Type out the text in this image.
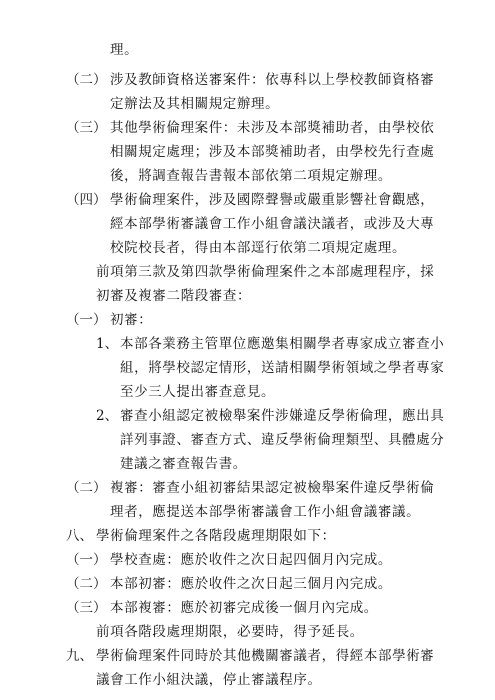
理。
（二） 涉及教師資格送審案件：依專科以上學校教師資格審
定辦法及其相關規定辦理。
（三） 其他學術倫理案件：未涉及本部獎補助者，由學校依
相關規定處理；涉及本部獎補助者，由學校先行查處
後，將調查報告書報本部依第二項規定辦理。
（四） 學術倫理案件，涉及國際聲譽或嚴重影響社會觀感，
經本部學術審議會工作小組會議決議者，或涉及大專
校院校長者，得由本部逕行依第二項規定處理。
前項第三款及第四款學術倫理案件之本部處理程序，採
初審及複審二階段審查：
（一） 初審：
1、 本部各業務主管單位應邀集相關學者專家成立審查小
組，將學校認定情形，送請相關學術領域之學者專家
至少三人提出審查意見。
2、 審查小組認定被檢舉案件涉嫌違反學術倫理，應出具
詳列事證、審查方式、違反學術倫理類型、具體處分
建議之審查報告書。
（二） 複審：審查小組初審結果認定被檢舉案件違反學術倫
理者，應提送本部學術審議會工作小組會議審議。
八、 學術倫理案件之各階段處理期限如下：
（一） 學校查處：應於收件之次日起四個月內完成。
（二） 本部初審：應於收件之次日起三個月內完成。
（三） 本部複審：應於初審完成後一個月內完成。
前項各階段處理期限，必要時，得予延長。
九、 學術倫理案件同時於其他機關審議者，得經本部學術審
議會工作小組決議，停止審議程序。
